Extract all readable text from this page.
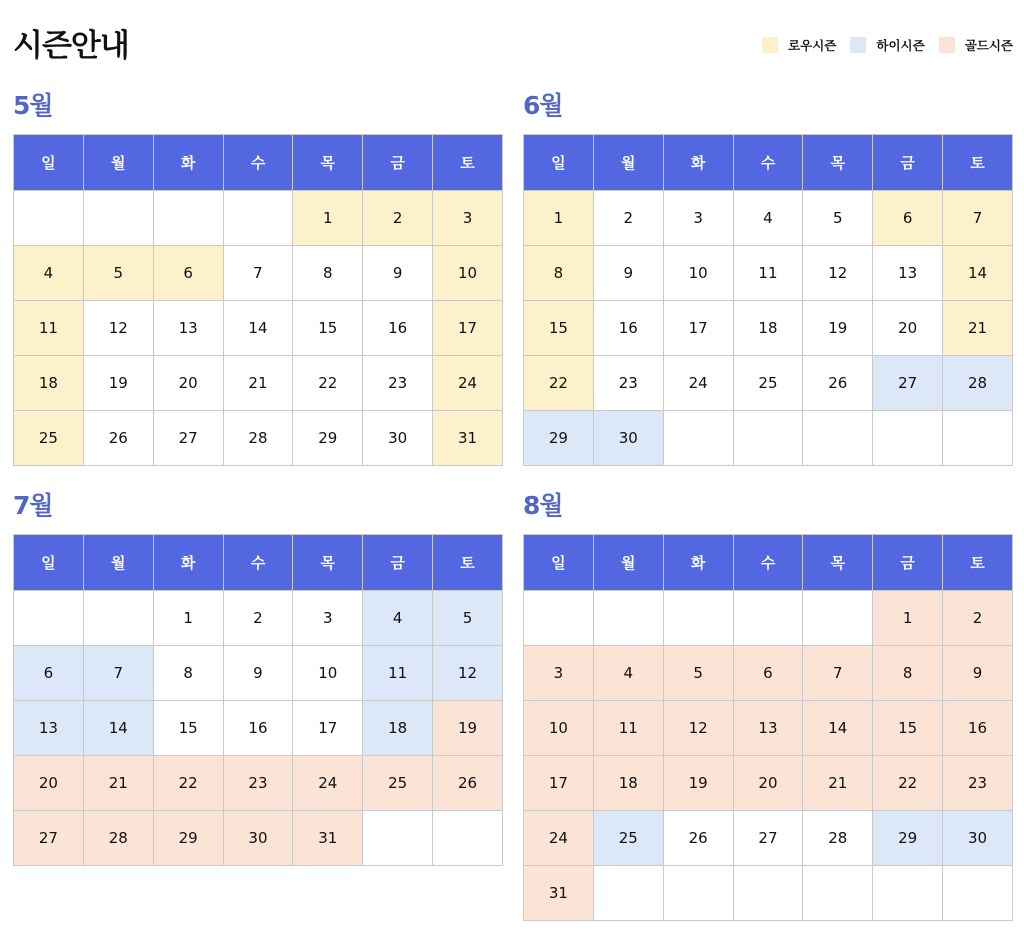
시즌안내	로우시즌	하이시즌	골드시즌
5월
일	월	화	수	목	금	토
				1	2	3
4	5	6	7	8	9	10
11	12	13	14	15	16	17
18	19	20	21	22	23	24
25	26	27	28	29	30	31
6월
일	월	화	수	목	금	토
1	2	3	4	5	6	7
8	9	10	11	12	13	14
15	16	17	18	19	20	21
22	23	24	25	26	27	28
29	30					
7월
일	월	화	수	목	금	토
		1	2	3	4	5
6	7	8	9	10	11	12
13	14	15	16	17	18	19
20	21	22	23	24	25	26
27	28	29	30	31		
8월
일	월	화	수	목	금	토
					1	2
3	4	5	6	7	8	9
10	11	12	13	14	15	16
17	18	19	20	21	22	23
24	25	26	27	28	29	30
31						
